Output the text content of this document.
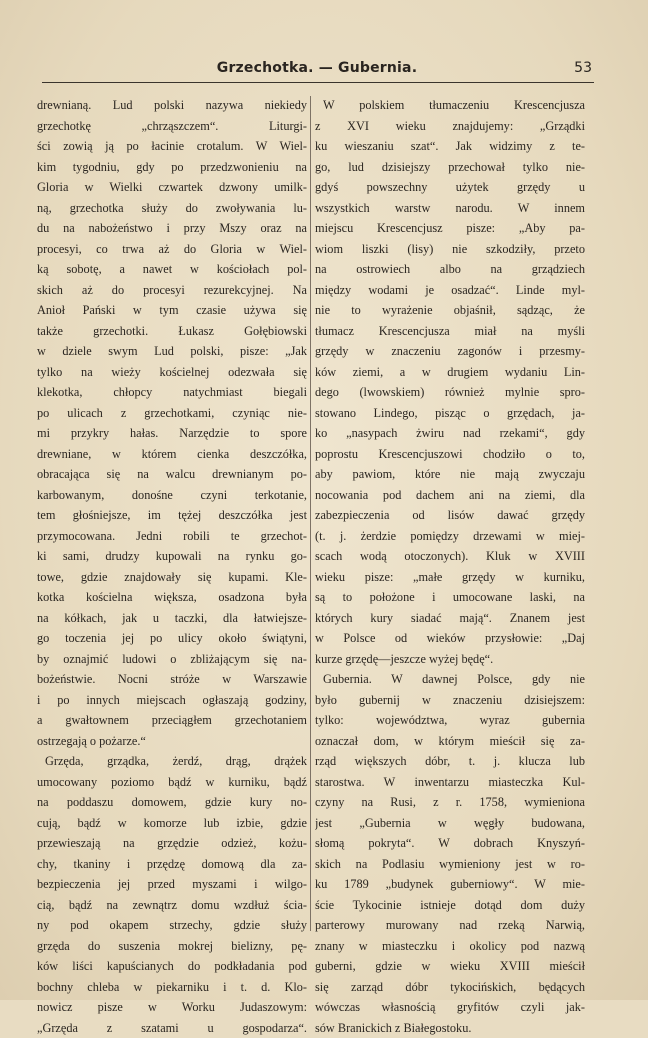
Grzechotka. — Gubernia.	53
drewnianą. Lud polski nazywa niekiedy
grzechotkę „chrząszczem“. Liturgi-
ści zowią ją po łacinie crotalum. W Wiel-
kim tygodniu, gdy po przedzwonieniu na
Gloria w Wielki czwartek dzwony umilk-
ną, grzechotka służy do zwoływania lu-
du na nabożeństwo i przy Mszy oraz na
procesyi, co trwa aż do Gloria w Wiel-
ką sobotę, a nawet w kościołach pol-
skich aż do procesyi rezurekcyjnej. Na
Anioł Pański w tym czasie używa się
także grzechotki. Łukasz Gołębiowski
w dziele swym Lud polski, pisze: „Jak
tylko na wieży kościelnej odezwała się
klekotka, chłopcy natychmiast biegali
po ulicach z grzechotkami, czyniąc nie-
mi przykry hałas. Narzędzie to spore
drewniane, w którem cienka deszczółka,
obracająca się na walcu drewnianym po-
karbowanym, donośne czyni terkotanie,
tem głośniejsze, im tężej deszczółka jest
przymocowana. Jedni robili te grzechot-
ki sami, drudzy kupowali na rynku go-
towe, gdzie znajdowały się kupami. Kle-
kotka kościelna większa, osadzona była
na kółkach, jak u taczki, dla łatwiejsze-
go toczenia jej po ulicy około świątyni,
by oznajmić ludowi o zbliżającym się na-
bożeństwie. Nocni stróże w Warszawie
i po innych miejscach ogłaszają godziny,
a gwałtownem przeciągłem grzechotaniem
ostrzegają o pożarze.“
Grzęda, grządka, żerdź, drąg, drążek
umocowany poziomo bądź w kurniku, bądź
na poddaszu domowem, gdzie kury no-
cują, bądź w komorze lub izbie, gdzie
przewieszają na grzędzie odzież, kożu-
chy, tkaniny i przędzę domową dla za-
bezpieczenia jej przed myszami i wilgo-
cią, bądź na zewnątrz domu wzdłuż ścia-
ny pod okapem strzechy, gdzie służy
grzęda do suszenia mokrej bielizny, pę-
ków liści kapuścianych do podkładania pod
bochny chleba w piekarniku i t. d. Klo-
nowicz pisze w Worku Judaszowym:
„Grzęda z szatami u gospodarza“.
W polskiem tłumaczeniu Krescencjusza
z XVI wieku znajdujemy: „Grządki
ku wieszaniu szat“. Jak widzimy z te-
go, lud dzisiejszy przechował tylko nie-
gdyś powszechny użytek grzędy u
wszystkich warstw narodu. W innem
miejscu Krescencjusz pisze: „Aby pa-
wiom liszki (lisy) nie szkodziły, przeto
na ostrowiech albo na grządziech
między wodami je osadzać“. Linde myl-
nie to wyrażenie objaśnił, sądząc, że
tłumacz Krescencjusza miał na myśli
grzędy w znaczeniu zagonów i przesmy-
ków ziemi, a w drugiem wydaniu Lin-
dego (lwowskiem) również mylnie spro-
stowano Lindego, pisząc o grzędach, ja-
ko „nasypach żwiru nad rzekami“, gdy
poprostu Krescencjuszowi chodziło o to,
aby pawiom, które nie mają zwyczaju
nocowania pod dachem ani na ziemi, dla
zabezpieczenia od lisów dawać grzędy
(t. j. żerdzie pomiędzy drzewami w miej-
scach wodą otoczonych). Kluk w XVIII
wieku pisze: „małe grzędy w kurniku,
są to położone i umocowane laski, na
których kury siadać mają“. Znanem jest
w Polsce od wieków przysłowie: „Daj
kurze grzędę—jeszcze wyżej będę“.
Gubernia. W dawnej Polsce, gdy nie
było gubernij w znaczeniu dzisiejszem:
tylko: województwa, wyraz gubernia
oznaczał dom, w którym mieścił się za-
rząd większych dóbr, t. j. klucza lub
starostwa. W inwentarzu miasteczka Kul-
czyny na Rusi, z r. 1758, wymieniona
jest „Gubernia w węgły budowana,
słomą pokryta“. W dobrach Knyszyń-
skich na Podlasiu wymieniony jest w ro-
ku 1789 „budynek guberniowy“. W mie-
ście Tykocinie istnieje dotąd dom duży
parterowy murowany nad rzeką Narwią,
znany w miasteczku i okolicy pod nazwą
guberni, gdzie w wieku XVIII mieścił
się zarząd dóbr tykocińskich, będących
wówczas własnością gryfitów czyli jak-
sów Branickich z Białegostoku.
